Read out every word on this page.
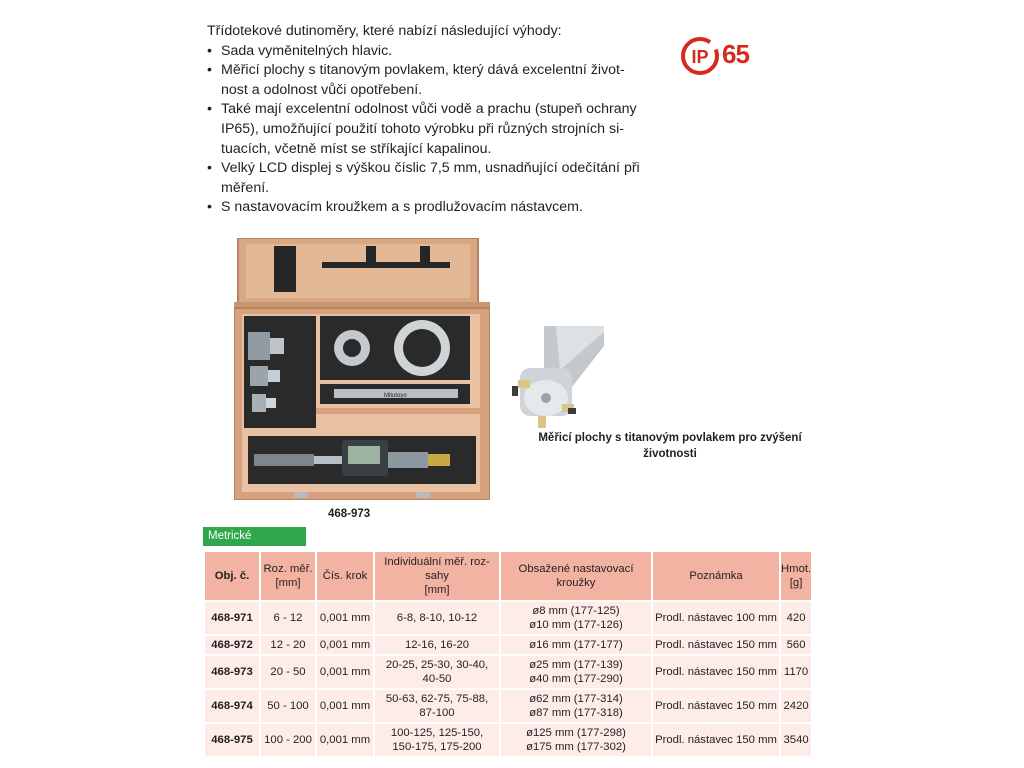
Třídotekové dutinoměry, které nabízí následující výhody:

• Sada vyměnitelných hlavic.
• Měřicí plochy s titanovým povlakem, který dává excelentní život-
nost a odolnost vůči opotřebení.
• Také mají excelentní odolnost vůči vodě a prachu (stupeň ochrany
IP65), umožňující použití tohoto výrobku při různých strojních si-
tuacích, včetně míst se stříkající kapalinou.
• Velký LCD displej s výškou číslic 7,5 mm, usnadňující odečítání při
měření.
• S nastavovacím kroužkem a s prodlužovacím nástavcem.
IP 65
Mitutoyo
468-973
Měřicí plochy s titanovým povlakem pro zvýšení
životnosti
Metrické
Obj. č.	Roz. měř.
[mm]	Čís. krok	Individuální měř. roz-
sahy
[mm]	Obsažené nastavovací
kroužky	Poznámka	Hmot.
[g]

468-971	6 - 12	0,001 mm	6-8, 8-10, 10-12	ø8 mm (177-125)
ø10 mm (177-126)	Prodl. nástavec 100 mm	420
468-972	12 - 20	0,001 mm	12-16, 16-20	ø16 mm (177-177)	Prodl. nástavec 150 mm	560
468-973	20 - 50	0,001 mm	20-25, 25-30, 30-40,
40-50	ø25 mm (177-139)
ø40 mm (177-290)	Prodl. nástavec 150 mm	1170
468-974	50 - 100	0,001 mm	50-63, 62-75, 75-88,
87-100	ø62 mm (177-314)
ø87 mm (177-318)	Prodl. nástavec 150 mm	2420
468-975	100 - 200	0,001 mm	100-125, 125-150,
150-175, 175-200	ø125 mm (177-298)
ø175 mm (177-302)	Prodl. nástavec 150 mm	3540
